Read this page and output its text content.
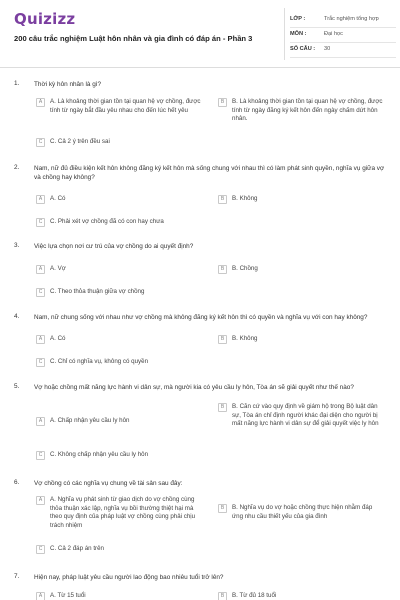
Quizizz
200 câu trắc nghiệm Luật hôn nhân và gia đình có đáp án - Phần 3
LỚP :	Trắc nghiệm tổng hợp
MÔN :	Đại học
SỐ CÂU : 30
1. Thời kỳ hôn nhân là gì?
A	A. Là khoảng thời gian tồn tại quan hệ vợ chồng, được tính từ ngày bắt đầu yêu nhau cho đến lúc hết yêu
B	B. Là khoảng thời gian tồn tại quan hệ vợ chồng, được tính từ ngày đăng ký kết hôn đến ngày chấm dứt hôn nhân.
C	C. Cả 2 ý trên đều sai
2. Nam, nữ đủ điều kiện kết hôn không đăng ký kết hôn mà sống chung với nhau thì có làm phát sinh quyền, nghĩa vụ giữa vợ và chồng hay không?
A	A. Có	B	B. Không
C	C. Phải xét vợ chồng đã có con hay chưa
3. Việc lựa chọn nơi cư trú của vợ chồng do ai quyết định?
A	A. Vợ	B	B. Chồng
C	C. Theo thỏa thuận giữa vợ chồng
4. Nam, nữ chung sống với nhau như vợ chồng mà không đăng ký kết hôn thì có quyền và nghĩa vụ với con hay không?
A	A. Có	B	B. Không
C	C. Chỉ có nghĩa vụ, không có quyền
5. Vợ hoặc chồng mất năng lực hành vi dân sự, mà người kia có yêu cầu ly hôn, Tòa án sẽ giải quyết như thế nào?
A	A. Chấp nhận yêu cầu ly hôn
B	B. Căn cứ vào quy định về giám hộ trong Bộ luật dân sự, Tòa án chỉ định người khác đại diện cho người bị mất năng lực hành vi dân sự để giải quyết việc ly hôn
C	C. Không chấp nhận yêu cầu ly hôn
6. Vợ chồng có các nghĩa vụ chung về tài sản sau đây:
A	A. Nghĩa vụ phát sinh từ giao dịch do vợ chồng cùng thỏa thuận xác lập, nghĩa vụ bồi thường thiệt hại mà theo quy định của pháp luật vợ chồng cùng phải chịu trách nhiệm
B	B. Nghĩa vụ do vợ hoặc chồng thực hiện nhằm đáp ứng nhu cầu thiết yếu của gia đình
C	C. Cả 2 đáp án trên
7. Hiện nay, pháp luật yêu cầu người lao động bao nhiêu tuổi trở lên?
A	A. Từ 15 tuổi	B	B. Từ đủ 18 tuổi
